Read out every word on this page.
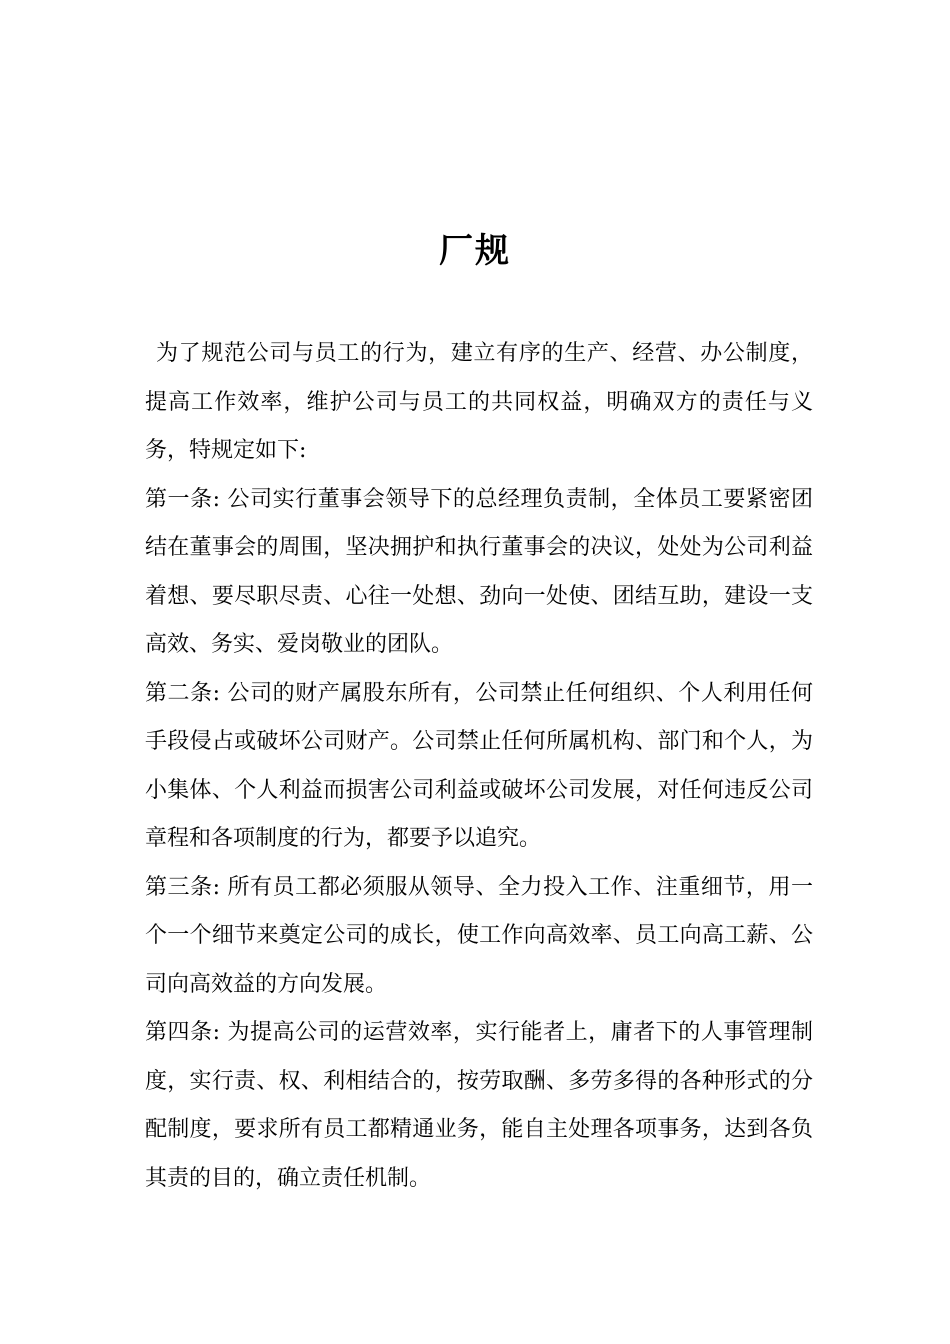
厂规

为了规范公司与员工的行为，建立有序的生产、经营、办公制度，提高工作效率，维护公司与员工的共同权益，明确双方的责任与义务，特规定如下:

第一条: 公司实行董事会领导下的总经理负责制，全体员工要紧密团结在董事会的周围，坚决拥护和执行董事会的决议，处处为公司利益着想、要尽职尽责、心往一处想、劲向一处使、团结互助，建设一支高效、务实、爱岗敬业的团队。

第二条: 公司的财产属股东所有，公司禁止任何组织、个人利用任何手段侵占或破坏公司财产。公司禁止任何所属机构、部门和个人，为小集体、个人利益而损害公司利益或破坏公司发展，对任何违反公司章程和各项制度的行为，都要予以追究。

第三条: 所有员工都必须服从领导、全力投入工作、注重细节，用一个一个细节来奠定公司的成长，使工作向高效率、员工向高工薪、公司向高效益的方向发展。

第四条: 为提高公司的运营效率，实行能者上，庸者下的人事管理制度，实行责、权、利相结合的，按劳取酬、多劳多得的各种形式的分配制度，要求所有员工都精通业务，能自主处理各项事务，达到各负其责的目的，确立责任机制。
